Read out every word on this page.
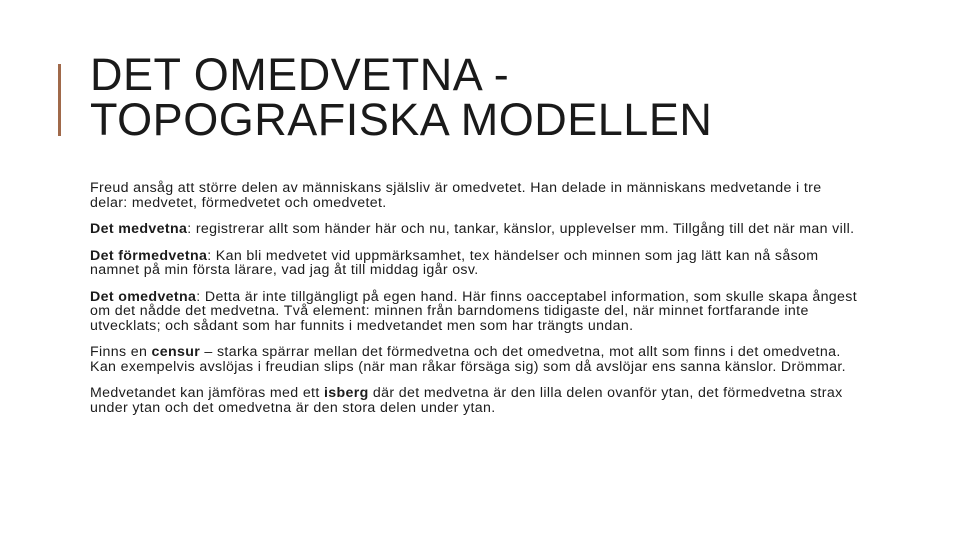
DET OMEDVETNA -
TOPOGRAFISKA MODELLEN

Freud ansåg att större delen av människans själsliv är omedvetet. Han delade in människans medvetande i tre delar: medvetet, förmedvetet och omedvetet.

Det medvetna: registrerar allt som händer här och nu, tankar, känslor, upplevelser mm. Tillgång till det när man vill.

Det förmedvetna: Kan bli medvetet vid uppmärksamhet, tex händelser och minnen som jag lätt kan nå såsom namnet på min första lärare, vad jag åt till middag igår osv.

Det omedvetna: Detta är inte tillgängligt på egen hand. Här finns oacceptabel information, som skulle skapa ångest om det nådde det medvetna. Två element: minnen från barndomens tidigaste del, när minnet fortfarande inte utvecklats; och sådant som har funnits i medvetandet men som har trängts undan.

Finns en censur – starka spärrar mellan det förmedvetna och det omedvetna, mot allt som finns i det omedvetna. Kan exempelvis avslöjas i freudian slips (när man råkar försäga sig) som då avslöjar ens sanna känslor. Drömmar.

Medvetandet kan jämföras med ett isberg där det medvetna är den lilla delen ovanför ytan, det förmedvetna strax under ytan och det omedvetna är den stora delen under ytan.
